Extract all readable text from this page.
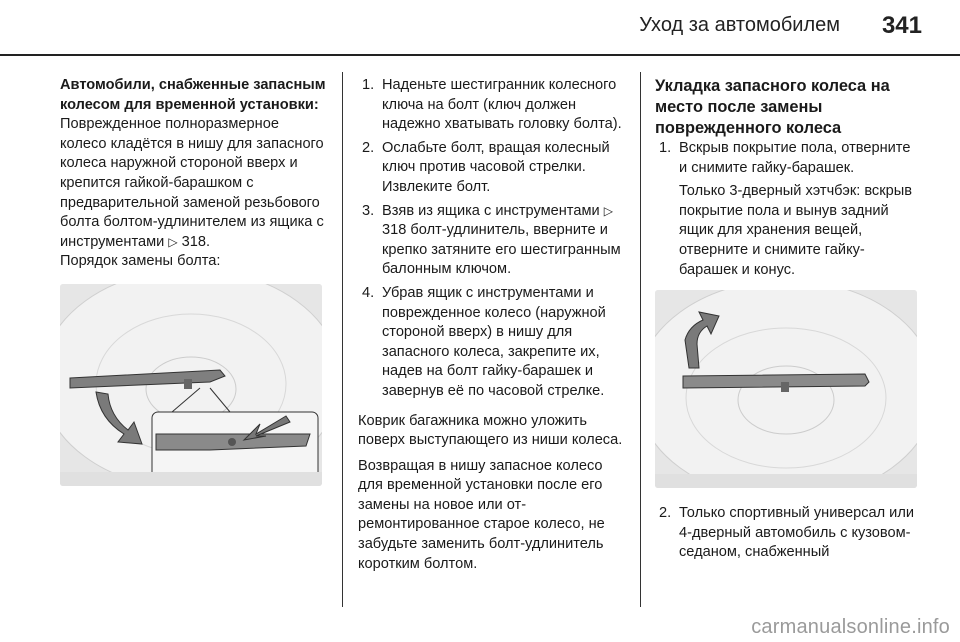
Уход за автомобилем	341

Автомобили, снабженные запасным колесом для временной установки:

Поврежденное полноразмерное колесо кладётся в нишу для запасного колеса наружной стороной вверх и крепится гайкой-барашком с предварительной заменой резьбового болта болтом-удлинителем из ящика с инструментами ▷ 318.

Порядок замены болта:

1. Наденьте шестигранник колесного ключа на болт (ключ должен надежно хватывать головку болта).
2. Ослабьте болт, вращая колесный ключ против часовой стрелки. Извлеките болт.
3. Взяв из ящика с инструментами ▷ 318 болт-удлинитель, вверните и крепко затяните его шестигранным балонным ключом.
4. Убрав ящик с инструментами и поврежденное колесо (наружной стороной вверх) в нишу для запасного колеса, закрепите их, надев на болт гайку-барашек и завернув её по часовой стрелке.

Коврик багажника можно уложить поверх выступающего из ниши колеса.

Возвращая в нишу запасное колесо для временной установки после его замены на новое или отремонтированное старое колесо, не забудьте заменить болт-удлинитель коротким болтом.

Укладка запасного колеса на место после замены поврежденного колеса

1. Вскрыв покрытие пола, отверните и снимите гайку-барашек.
Только 3-дверный хэтчбэк: вскрыв покрытие пола и вынув задний ящик для хранения вещей, отверните и снимите гайку-барашек и конус.
2. Только спортивный универсал или 4-дверный автомобиль с кузовом-седаном, снабженный
carmanualsonline.info
